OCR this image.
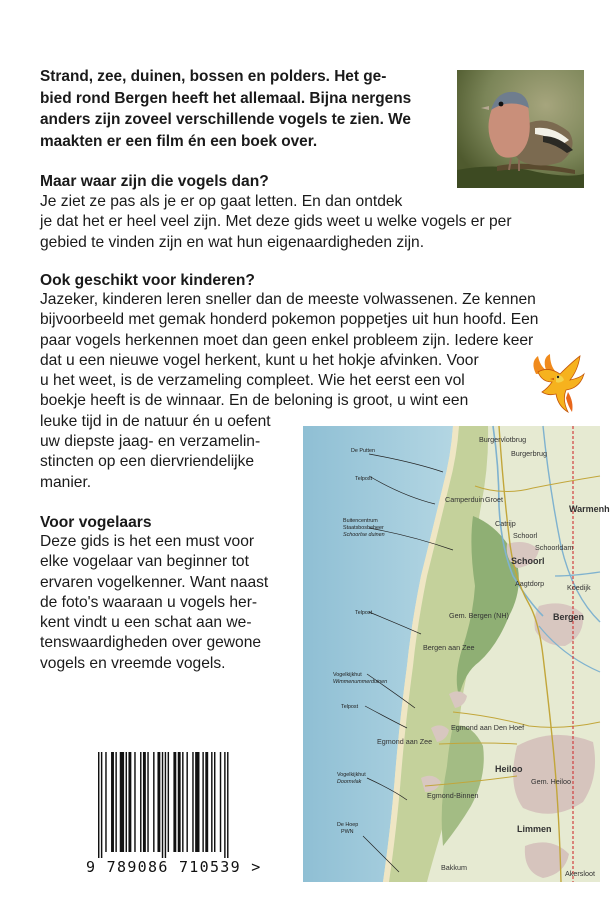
Strand, zee, duinen, bossen en polders. Het ge-
bied rond Bergen heeft het allemaal. Bijna nergens
anders zijn zoveel verschillende vogels te zien. We
maakten er een film én een boek over.
Maar waar zijn die vogels dan?
Je ziet ze pas als je er op gaat letten. En dan ontdek
je dat het er heel veel zijn. Met deze gids weet u welke vogels er per
gebied te vinden zijn en wat hun eigenaardigheden zijn.
Ook geschikt voor kinderen?
Jazeker, kinderen leren sneller dan de meeste volwassenen. Ze kennen
bijvoorbeeld met gemak honderd pokemon poppetjes uit hun hoofd. Een
paar vogels herkennen moet dan geen enkel probleem zijn. Iedere keer
dat u een nieuwe vogel herkent, kunt u het hokje afvinken. Voor
u het weet, is de verzameling compleet. Wie het eerst een vol
boekje heeft is de winnaar. En de beloning is groot, u wint een
leuke tijd in de natuur én u oefent
uw diepste jaag- en verzamelin-
stincten op een diervriendelijke
manier.
Voor vogelaars
Deze gids is het een must voor
elke vogelaar van beginner tot
ervaren vogelkenner. Want naast
de foto's waaraan u vogels her-
kent vindt u een schat aan we-
tenswaardigheden over gewone
vogels en vreemde vogels.
De Putten
Telpost
Buitencentrum Staatsbosbeheer Schoorlse duinen
Telpost
Vogelkijkhut Wimmenummerduinen
Telpost
Vogelkijkhut Doornvlak
De Hoep PWN
Burgervlotbrug
Burgerbrug
Camperduin Groet
Warmenh
Catrijp
Schoorl
Schoorldam
Schoorl
Koedijk
Aagtdorp
Bergen
Bergen aan Zee
Egmond aan Zee
Egmond aan Den Hoef
Heiloo
Egmond-Binnen
Limmen
Bakkum
Akersloot
Gem. Bergen (NH)
Gem. Heiloo
9 789086 710539 >
